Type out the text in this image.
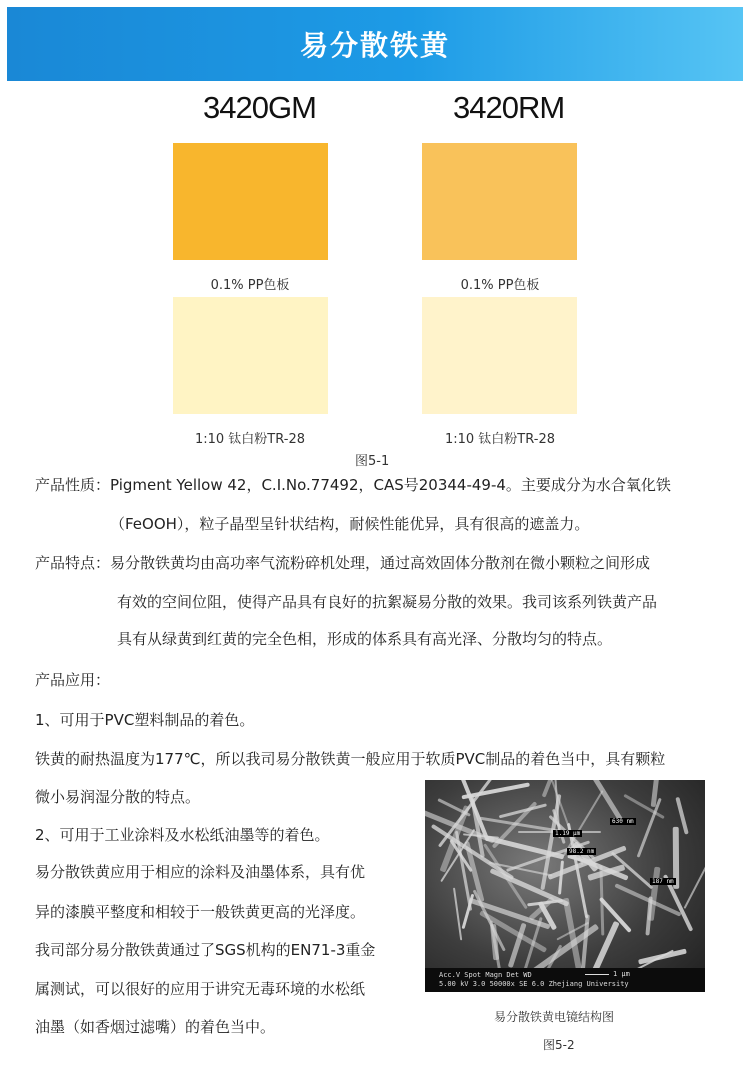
易分散铁黄
3420GM
0.1% PP色板
1:10 钛白粉TR-28
3420RM
0.1% PP色板
1:10 钛白粉TR-28
图5-1
产品性质：Pigment Yellow 42，C.I.No.77492，CAS号20344-49-4。主要成分为水合氧化铁
（FeOOH），粒子晶型呈针状结构，耐候性能优异，具有很高的遮盖力。
产品特点：易分散铁黄均由高功率气流粉碎机处理，通过高效固体分散剂在微小颗粒之间形成
有效的空间位阻，使得产品具有良好的抗絮凝易分散的效果。我司该系列铁黄产品
具有从绿黄到红黄的完全色相，形成的体系具有高光泽、分散均匀的特点。
产品应用：
1、可用于PVC塑料制品的着色。
铁黄的耐热温度为177℃，所以我司易分散铁黄一般应用于软质PVC制品的着色当中，具有颗粒
微小易润湿分散的特点。
2、可用于工业涂料及水松纸油墨等的着色。
易分散铁黄应用于相应的涂料及油墨体系，具有优
异的漆膜平整度和相较于一般铁黄更高的光泽度。
我司部分易分散铁黄通过了SGS机构的EN71-3重金
属测试，可以很好的应用于讲究无毒环境的水松纸
油墨（如香烟过滤嘴）的着色当中。
1.19 μm
630 nm
98.2 nm
187 nm
Acc.V Spot Magn Det WD
5.00 kV 3.0 50000x SE 6.0 Zhejiang University
1 μm
易分散铁黄电镜结构图
图5-2
